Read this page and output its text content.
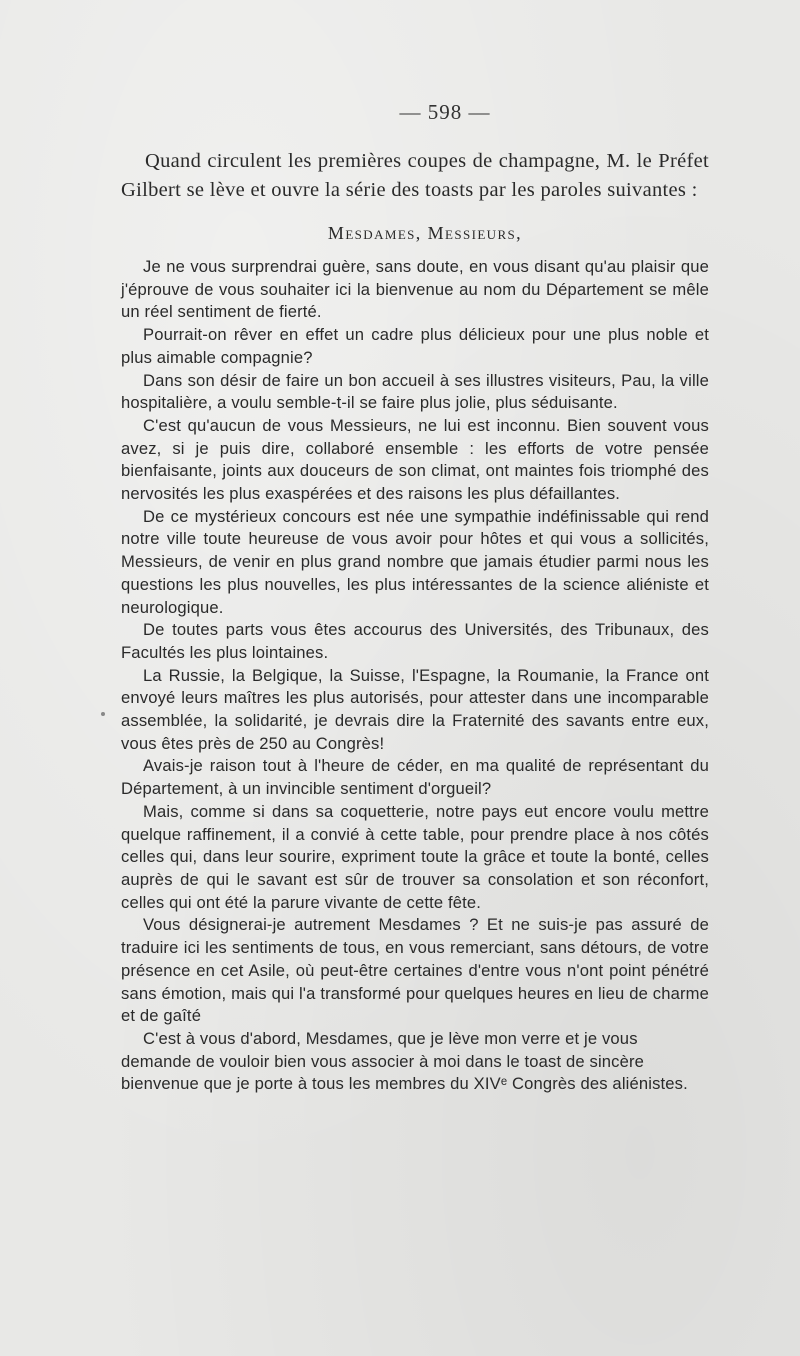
— 598 —

Quand circulent les premières coupes de champagne, M. le Préfet Gilbert se lève et ouvre la série des toasts par les paroles suivantes :

Mesdames, Messieurs,

Je ne vous surprendrai guère, sans doute, en vous disant qu'au plaisir que j'éprouve de vous souhaiter ici la bienvenue au nom du Département se mêle un réel sentiment de fierté.

Pourrait-on rêver en effet un cadre plus délicieux pour une plus noble et plus aimable compagnie?

Dans son désir de faire un bon accueil à ses illustres visiteurs, Pau, la ville hospitalière, a voulu semble-t-il se faire plus jolie, plus séduisante.

C'est qu'aucun de vous Messieurs, ne lui est inconnu. Bien souvent vous avez, si je puis dire, collaboré ensemble : les efforts de votre pensée bienfaisante, joints aux douceurs de son climat, ont maintes fois triomphé des nervosités les plus exaspérées et des raisons les plus défaillantes.

De ce mystérieux concours est née une sympathie indéfinissable qui rend notre ville toute heureuse de vous avoir pour hôtes et qui vous a sollicités, Messieurs, de venir en plus grand nombre que jamais étudier parmi nous les questions les plus nouvelles, les plus intéressantes de la science aliéniste et neurologique.

De toutes parts vous êtes accourus des Universités, des Tribunaux, des Facultés les plus lointaines.

La Russie, la Belgique, la Suisse, l'Espagne, la Roumanie, la France ont envoyé leurs maîtres les plus autorisés, pour attester dans une incomparable assemblée, la solidarité, je devrais dire la Fraternité des savants entre eux, vous êtes près de 250 au Congrès!

Avais-je raison tout à l'heure de céder, en ma qualité de représentant du Département, à un invincible sentiment d'orgueil?

Mais, comme si dans sa coquetterie, notre pays eut encore voulu mettre quelque raffinement, il a convié à cette table, pour prendre place à nos côtés celles qui, dans leur sourire, expriment toute la grâce et toute la bonté, celles auprès de qui le savant est sûr de trouver sa consolation et son réconfort, celles qui ont été la parure vivante de cette fête.

Vous désignerai-je autrement Mesdames ? Et ne suis-je pas assuré de traduire ici les sentiments de tous, en vous remerciant, sans détours, de votre présence en cet Asile, où peut-être certaines d'entre vous n'ont point pénétré sans émotion, mais qui l'a transformé pour quelques heures en lieu de charme et de gaîté

C'est à vous d'abord, Mesdames, que je lève mon verre et je vous demande de vouloir bien vous associer à moi dans le toast de sincère bienvenue que je porte à tous les membres du XIVᵉ Congrès des aliénistes.
